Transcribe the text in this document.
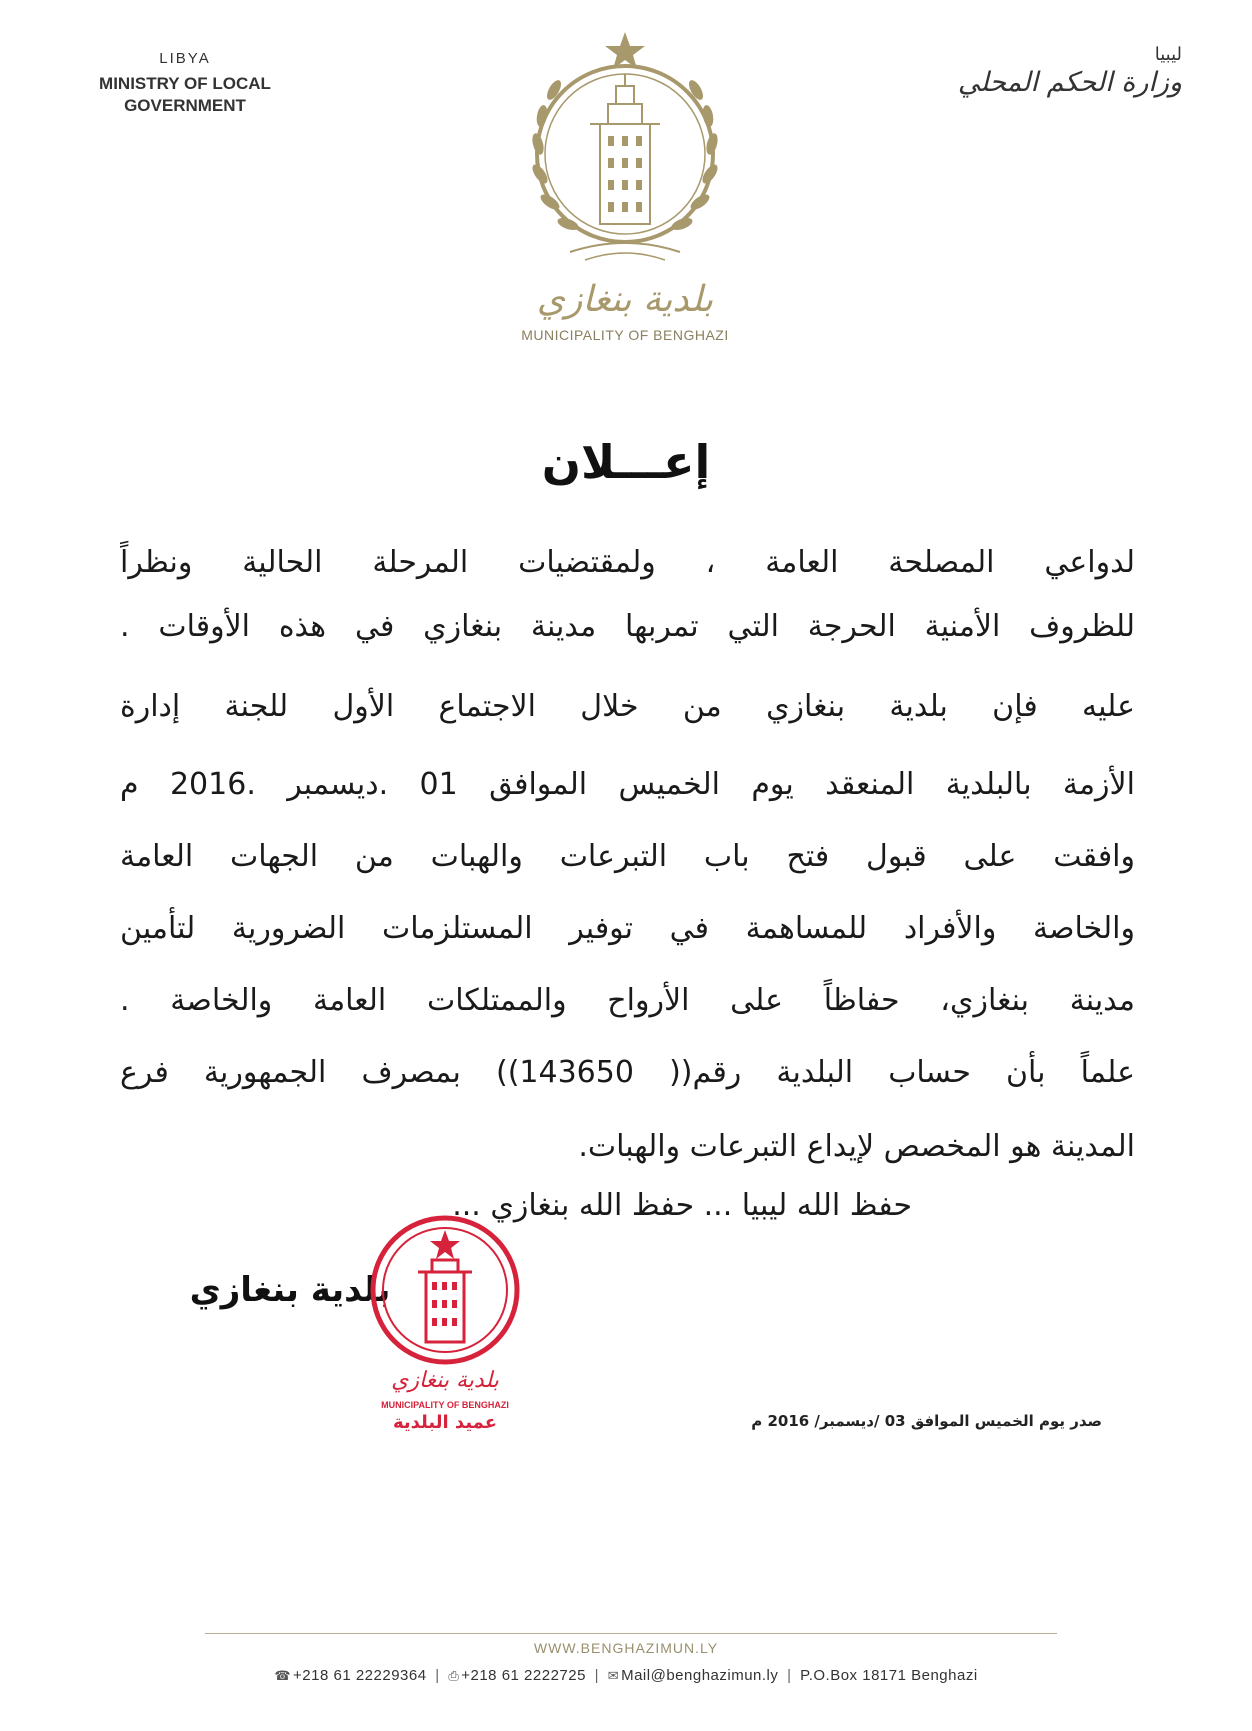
LIBYA
MINISTRY OF LOCAL
GOVERNMENT
ليبيا
وزارة الحكم المحلي
بلدية بنغازي
MUNICIPALITY OF BENGHAZI
إعـــلان
لدواعي المصلحة العامة ، ولمقتضيات المرحلة الحالية ونظراً
للظروف الأمنية الحرجة التي تمربها مدينة بنغازي في هذه الأوقات .
عليه فإن بلدية بنغازي من خلال الاجتماع الأول للجنة إدارة
الأزمة بالبلدية المنعقد يوم الخميس الموافق 01 .ديسمبر .2016 م
وافقت على قبول فتح باب التبرعات والهبات من الجهات العامة
والخاصة والأفراد للمساهمة في توفير المستلزمات الضرورية لتأمين
مدينة بنغازي، حفاظاً على الأرواح والممتلكات العامة والخاصة .
علماً بأن حساب البلدية رقم(( 143650)) بمصرف الجمهورية فرع
المدينة هو المخصص لإيداع التبرعات والهبات.
حفظ الله ليبيا ... حفظ الله بنغازي ...
بلدية بنغازي
بلدية بنغازي
MUNICIPALITY OF BENGHAZI
عميد البلدية	صدر يوم الخميس الموافق 03 /ديسمبر/ 2016 م
WWW.BENGHAZIMUN.LY
☎ +218 61 22229364 | ⎙ +218 61 2222725 | ✉ Mail@benghazimun.ly | P.O.Box 18171 Benghazi
